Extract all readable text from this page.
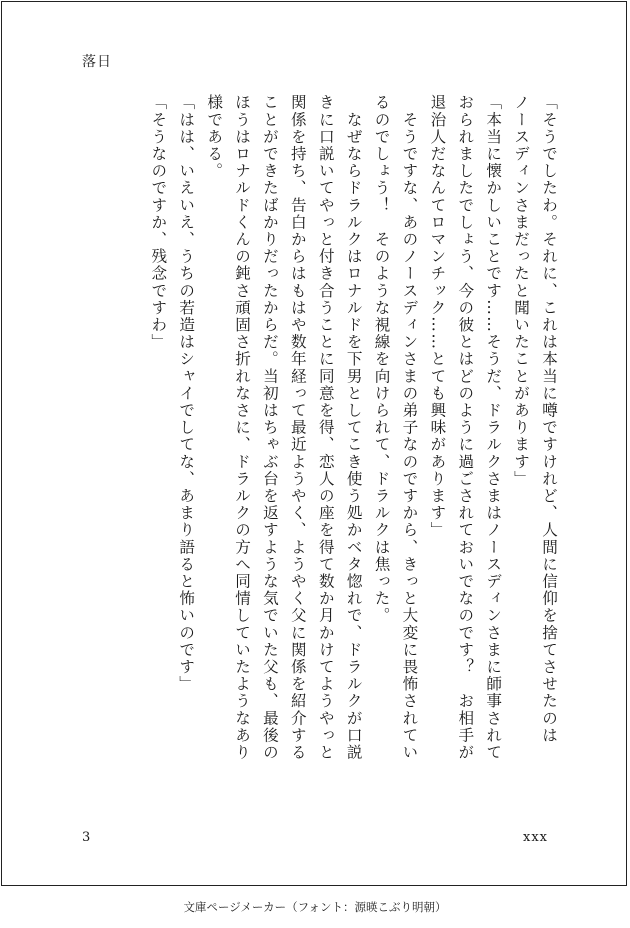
落日
「そうでしたわ。それに、これは本当に噂ですけれど、人間に信仰を捨てさせたのは
ノースディンさまだったと聞いたことがあります」
「本当に懐かしいことです……そうだ、ドラルクさまはノースディンさまに師事されて
おられましたでしょう、今の彼とはどのように過ごされておいでなのです？　お相手が
退治人だなんてロマンチック……とても興味があります」
　そうですな、あのノースディンさまの弟子なのですから、きっと大変に畏怖されてい
るのでしょう！　そのような視線を向けられて、ドラルクは焦った。
　なぜならドラルクはロナルドを下男としてこき使う処かベタ惚れで、ドラルクが口説
きに口説いてやっと付き合うことに同意を得、恋人の座を得て数か月かけてようやっと
関係を持ち、告白からはもはや数年経って最近ようやく、ようやく父に関係を紹介する
ことができたばかりだったからだ。当初はちゃぶ台を返すような気でいた父も、最後の
ほうはロナルドくんの鈍さ頑固さ折れなさに、ドラルクの方へ同情していたようなあり
様である。
「はは、いえいえ、うちの若造はシャイでしてな、あまり語ると怖いのです」
「そうなのですか、残念ですわ」
3	xxx
文庫ページメーカー（フォント：源暎こぶり明朝）
